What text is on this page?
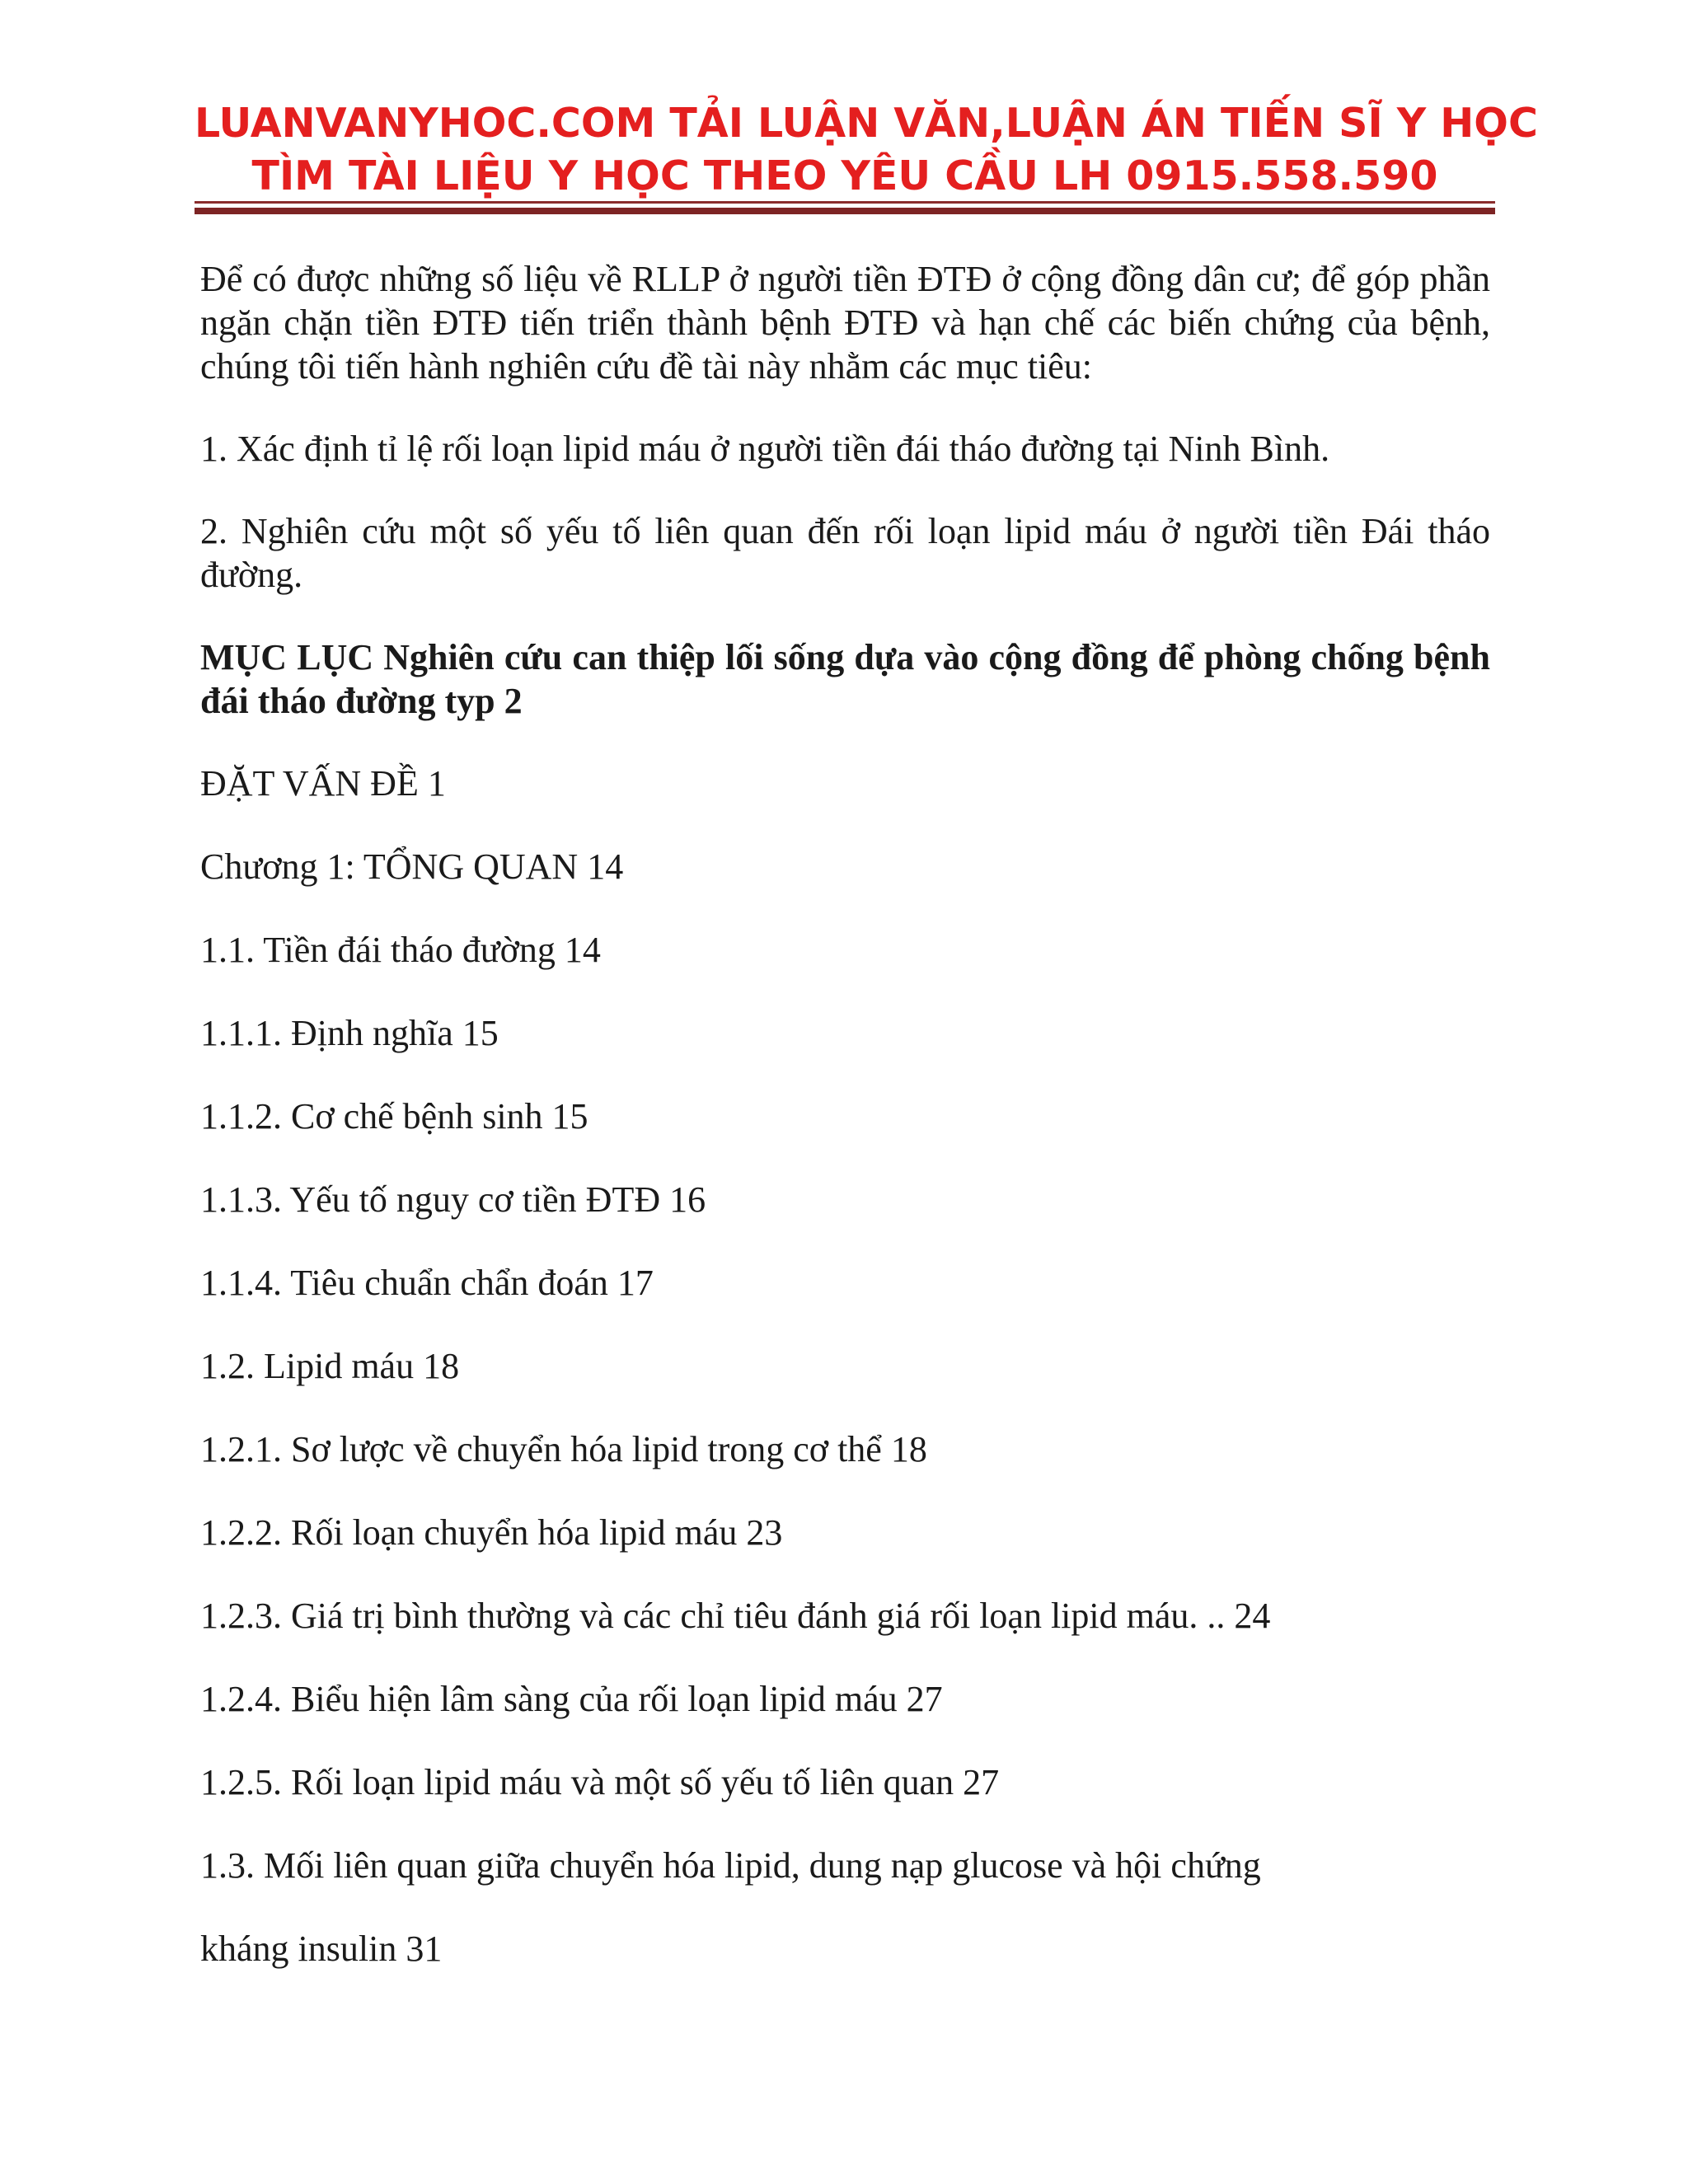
LUANVANYHOC.COM TẢI LUẬN VĂN,LUẬN ÁN TIẾN SĨ Y HỌC
TÌM TÀI LIỆU Y HỌC THEO YÊU CẦU LH 0915.558.590

Để có được những số liệu về RLLP ở người tiền ĐTĐ ở cộng đồng dân cư; để góp phần ngăn chặn tiền ĐTĐ tiến triển thành bệnh ĐTĐ và hạn chế các biến chứng của bệnh, chúng tôi tiến hành nghiên cứu đề tài này nhằm các mục tiêu:

1. Xác định tỉ lệ rối loạn lipid máu ở người tiền đái tháo đường tại Ninh Bình.

2. Nghiên cứu một số yếu tố liên quan đến rối loạn lipid máu ở người tiền Đái tháo đường.

MỤC LỤC Nghiên cứu can thiệp lối sống dựa vào cộng đồng để phòng chống bệnh đái tháo đường typ 2

ĐẶT VẤN ĐỀ 1
Chương 1: TỔNG QUAN 14
1.1. Tiền đái tháo đường 14
1.1.1. Định nghĩa 15
1.1.2. Cơ chế bệnh sinh 15
1.1.3. Yếu tố nguy cơ tiền ĐTĐ 16
1.1.4. Tiêu chuẩn chẩn đoán 17
1.2. Lipid máu 18
1.2.1. Sơ lược về chuyển hóa lipid trong cơ thể 18
1.2.2. Rối loạn chuyển hóa lipid máu 23
1.2.3. Giá trị bình thường và các chỉ tiêu đánh giá rối loạn lipid máu. .. 24
1.2.4. Biểu hiện lâm sàng của rối loạn lipid máu 27
1.2.5. Rối loạn lipid máu và một số yếu tố liên quan 27
1.3. Mối liên quan giữa chuyển hóa lipid, dung nạp glucose và hội chứng
kháng insulin 31
